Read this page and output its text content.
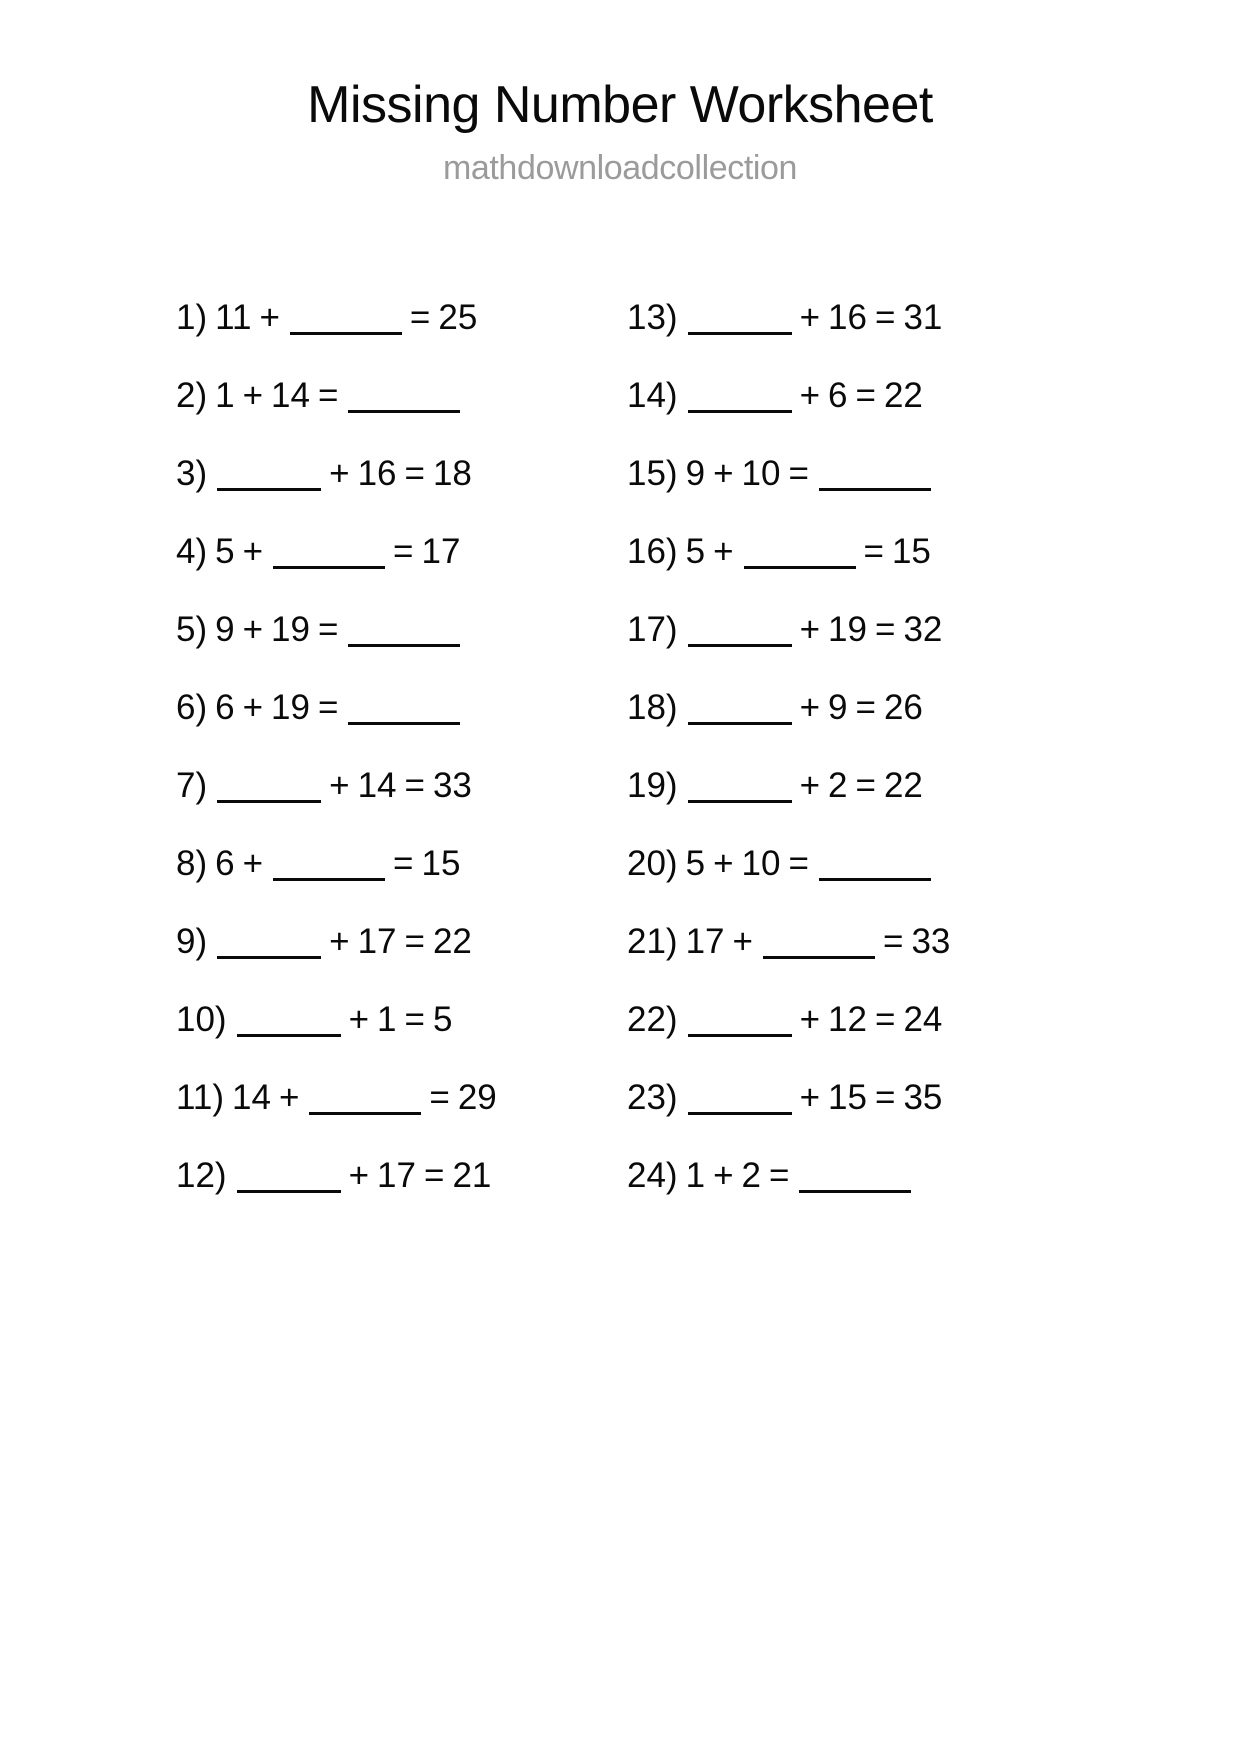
Missing Number Worksheet
mathdownloadcollection
1) 11 +	= 25
2) 1 + 14 =
3)	+ 16 = 18
4) 5 +	= 17
5) 9 + 19 =
6) 6 + 19 =
7)	+ 14 = 33
8) 6 +	= 15
9)	+ 17 = 22
10)	+ 1 = 5
11) 14 +	= 29
12)	+ 17 = 21
13)	+ 16 = 31
14)	+ 6 = 22
15) 9 + 10 =
16) 5 +	= 15
17)	+ 19 = 32
18)	+ 9 = 26
19)	+ 2 = 22
20) 5 + 10 =
21) 17 +	= 33
22)	+ 12 = 24
23)	+ 15 = 35
24) 1 + 2 =
